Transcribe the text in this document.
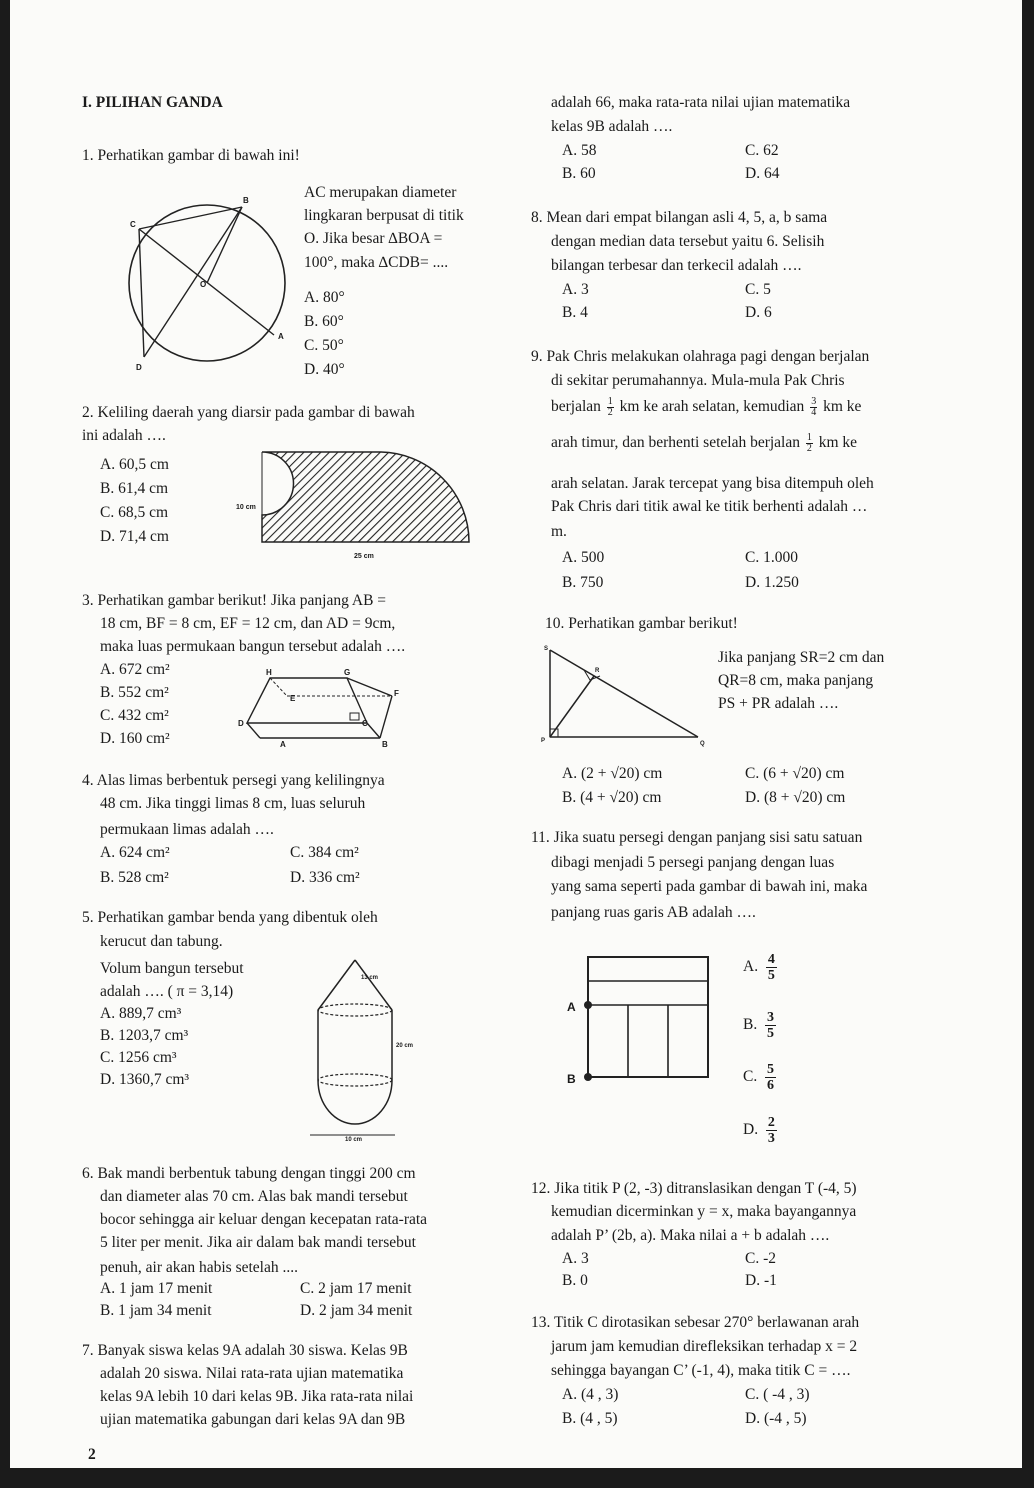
I. PILIHAN GANDA
1. Perhatikan gambar di bawah ini!
B
C
O
A
D
AC merupakan diameter
lingkaran berpusat di titik
O. Jika besar ∆BOA =
100°, maka ∆CDB= ....
A. 80°
B. 60°
C. 50°
D. 40°
2. Keliling daerah yang diarsir pada gambar di bawah
ini adalah ….
A. 60,5 cm
B. 61,4 cm
C. 68,5 cm
D. 71,4 cm
10 cm
25 cm
3. Perhatikan gambar berikut! Jika panjang AB =
18 cm, BF = 8 cm, EF = 12 cm, dan AD = 9cm,
maka luas permukaan bangun tersebut adalah ….
A. 672 cm²
B. 552 cm²
C. 432 cm²
D. 160 cm²
H	G
E
F
D	C
A	B
4. Alas limas berbentuk persegi yang kelilingnya
48 cm. Jika tinggi limas 8 cm, luas seluruh
permukaan limas adalah ….
A. 624 cm²	C. 384 cm²
B. 528 cm²	D. 336 cm²
5. Perhatikan gambar benda yang dibentuk oleh
kerucut dan tabung.
Volum bangun tersebut
adalah …. ( π = 3,14)
A. 889,7 cm³
B. 1203,7 cm³
C. 1256 cm³
D. 1360,7 cm³
13 cm
20 cm
10 cm
6. Bak mandi berbentuk tabung dengan tinggi 200 cm
dan diameter alas 70 cm. Alas bak mandi tersebut
bocor sehingga air keluar dengan kecepatan rata-rata
5 liter per menit. Jika air dalam bak mandi tersebut
penuh, air akan habis setelah ....
A. 1 jam 17 menit	C. 2 jam 17 menit
B. 1 jam 34 menit	D. 2 jam 34 menit
7. Banyak siswa kelas 9A adalah 30 siswa. Kelas 9B
adalah 20 siswa. Nilai rata-rata ujian matematika
kelas 9A lebih 10 dari kelas 9B. Jika rata-rata nilai
ujian matematika gabungan dari kelas 9A dan 9B
2
adalah 66, maka rata-rata nilai ujian matematika
kelas 9B adalah ….
A. 58	C. 62
B. 60	D. 64
8. Mean dari empat bilangan asli 4, 5, a, b sama
dengan median data tersebut yaitu 6. Selisih
bilangan terbesar dan terkecil adalah ….
A. 3	C. 5
B. 4	D. 6
9. Pak Chris melakukan olahraga pagi dengan berjalan
di sekitar perumahannya. Mula-mula Pak Chris
berjalan $\frac{1}{2}$ km ke arah selatan, kemudian $\frac{3}{4}$ km ke
arah timur, dan berhenti setelah berjalan $\frac{1}{2}$ km ke
arah selatan. Jarak tercepat yang bisa ditempuh oleh
Pak Chris dari titik awal ke titik berhenti adalah …
m.
A. 500	C. 1.000
B. 750	D. 1.250
10. Perhatikan gambar berikut!
S
R
P	Q
Jika panjang SR=2 cm dan
QR=8 cm, maka panjang
PS + PR adalah ….
A. (2 + √20) cm	C. (6 + √20) cm
B. (4 + √20) cm	D. (8 + √20) cm
11. Jika suatu persegi dengan panjang sisi satu satuan
dibagi menjadi 5 persegi panjang dengan luas
yang sama seperti pada gambar di bawah ini, maka
panjang ruas garis AB adalah ….
A
B
A. $\frac{4}{5}$
B. $\frac{3}{5}$
C. $\frac{5}{6}$
D. $\frac{2}{3}$
12. Jika titik P (2, -3) ditranslasikan dengan T (-4, 5)
kemudian dicerminkan y = x, maka bayangannya
adalah P’ (2b, a). Maka nilai a + b adalah ….
A. 3	C. -2
B. 0	D. -1
13. Titik C dirotasikan sebesar 270° berlawanan arah
jarum jam kemudian direfleksikan terhadap x = 2
sehingga bayangan C’ (-1, 4), maka titik C = ….
A. (4 , 3)	C. ( -4 , 3)
B. (4 , 5)	D. (-4 , 5)
